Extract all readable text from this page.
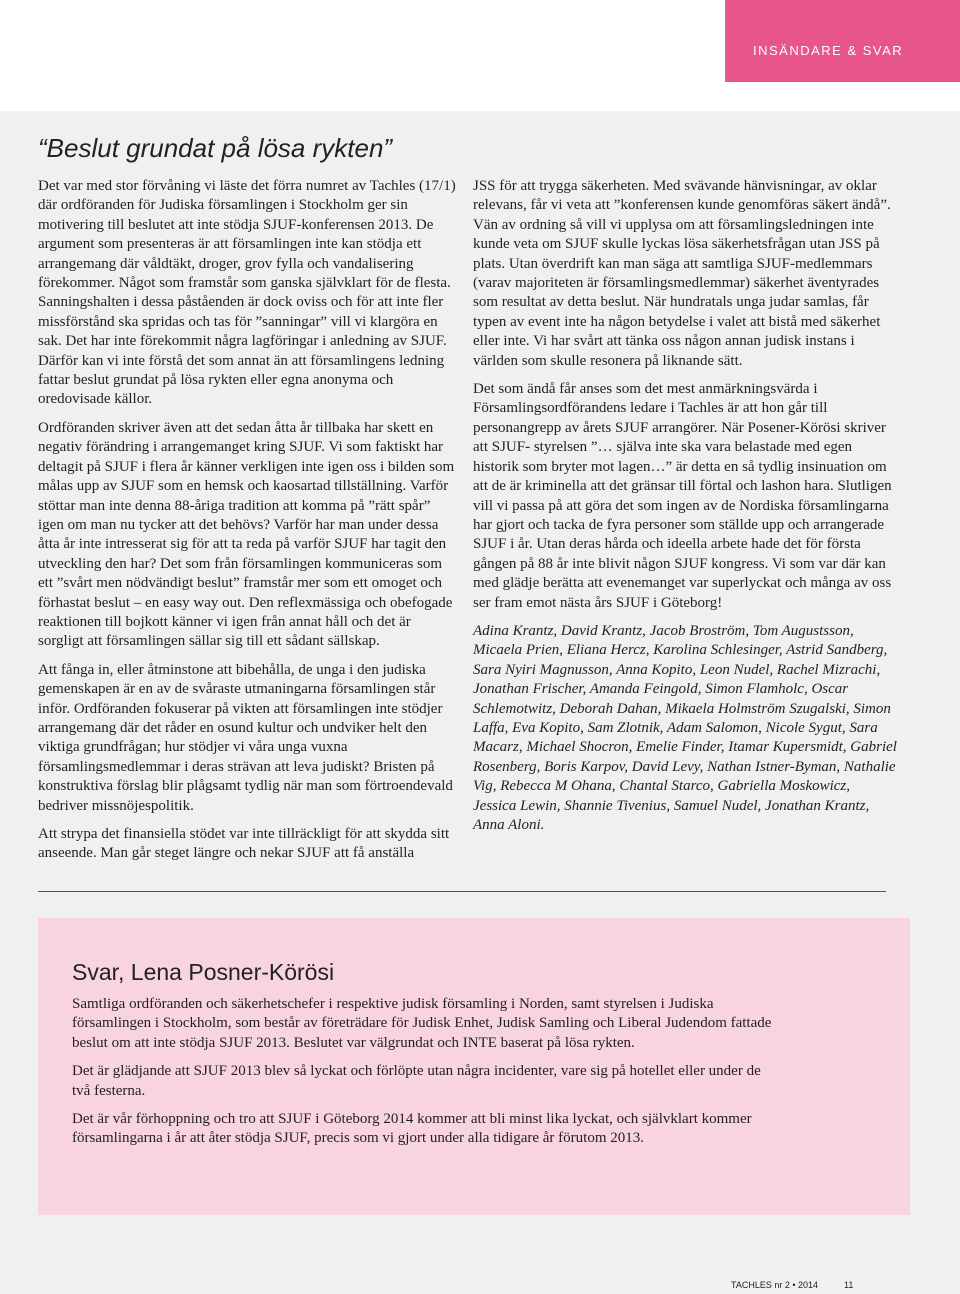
INSÄNDARE & SVAR
“Beslut grundat på lösa rykten”

Det var med stor förvåning vi läste det förra numret av Tachles (17/1) där ordföranden för Judiska församlingen i Stockholm ger sin motivering till beslutet att inte stödja SJUF-konferensen 2013. De argument som presenteras är att församlingen inte kan stödja ett arrangemang där våldtäkt, droger, grov fylla och vandalisering förekommer. Något som framstår som ganska självklart för de flesta. Sanningshalten i dessa påståenden är dock oviss och för att inte fler missförstånd ska spridas och tas för ”sanningar” vill vi klargöra en sak. Det har inte förekommit några lagföringar i anledning av SJUF. Därför kan vi inte förstå det som annat än att församlingens ledning fattar beslut grundat på lösa rykten eller egna anonyma och oredovisade källor.

Ordföranden skriver även att det sedan åtta år tillbaka har skett en negativ förändring i arrangemanget kring SJUF. Vi som faktiskt har deltagit på SJUF i flera år känner verkligen inte igen oss i bilden som målas upp av SJUF som en hemsk och kaosartad tillställning. Varför stöttar man inte denna 88-åriga tradition att komma på ”rätt spår” igen om man nu tycker att det behövs? Varför har man under dessa åtta år inte intresserat sig för att ta reda på varför SJUF har tagit den utveckling den har? Det som från församlingen kommuniceras som ett ”svårt men nödvändigt beslut” framstår mer som ett omoget och förhastat beslut – en easy way out. Den reflexmässiga och obefogade reaktionen till bojkott känner vi igen från annat håll och det är sorgligt att församlingen sällar sig till ett sådant sällskap.

Att fånga in, eller åtminstone att bibehålla, de unga i den judiska gemenskapen är en av de svåraste utmaningarna församlingen står inför. Ordföranden fokuserar på vikten att församlingen inte stödjer arrangemang där det råder en osund kultur och undviker helt den viktiga grundfrågan; hur stödjer vi våra unga vuxna församlingsmedlemmar i deras strävan att leva judiskt? Bristen på konstruktiva förslag blir plågsamt tydlig när man som förtroendevald bedriver missnöjespolitik.

Att strypa det finansiella stödet var inte tillräckligt för att skydda sitt anseende. Man går steget längre och nekar SJUF att få anställa

JSS för att trygga säkerheten. Med svävande hänvisningar, av oklar relevans, får vi veta att ”konferensen kunde genomföras säkert ändå”. Vän av ordning så vill vi upplysa om att församlingsledningen inte kunde veta om SJUF skulle lyckas lösa säkerhetsfrågan utan JSS på plats. Utan överdrift kan man säga att samtliga SJUF-medlemmars (varav majoriteten är församlingsmedlemmar) säkerhet äventyrades som resultat av detta beslut. När hundratals unga judar samlas, får typen av event inte ha någon betydelse i valet att bistå med säkerhet eller inte. Vi har svårt att tänka oss någon annan judisk instans i världen som skulle resonera på liknande sätt.

Det som ändå får anses som det mest anmärkningsvärda i Församlingsordförandens ledare i Tachles är att hon går till personangrepp av årets SJUF arrangörer. När Posener-Körösi skriver att SJUF- styrelsen ”… själva inte ska vara belastade med egen historik som bryter mot lagen…” är detta en så tydlig insinuation om att de är kriminella att det gränsar till förtal och lashon hara. Slutligen vill vi passa på att göra det som ingen av de Nordiska församlingarna har gjort och tacka de fyra personer som ställde upp och arrangerade SJUF i år. Utan deras hårda och ideella arbete hade det för första gången på 88 år inte blivit någon SJUF kongress. Vi som var där kan med glädje berätta att evenemanget var superlyckat och många av oss ser fram emot nästa års SJUF i Göteborg!

Adina Krantz, David Krantz, Jacob Broström, Tom Augustsson, Micaela Prien, Eliana Hercz, Karolina Schlesinger, Astrid Sandberg, Sara Nyiri Magnusson, Anna Kopito, Leon Nudel, Rachel Mizrachi, Jonathan Frischer, Amanda Feingold, Simon Flamholc, Oscar Schlemotwitz, Deborah Dahan, Mikaela Holmström Szugalski, Simon Laffa, Eva Kopito, Sam Zlotnik, Adam Salomon, Nicole Sygut, Sara Macarz, Michael Shocron, Emelie Finder, Itamar Kupersmidt, Gabriel Rosenberg, Boris Karpov, David Levy, Nathan Istner-Byman, Nathalie Vig, Rebecca M Ohana, Chantal Starco, Gabriella Moskowicz, Jessica Lewin, Shannie Tivenius, Samuel Nudel, Jonathan Krantz, Anna Aloni.

Svar, Lena Posner-Körösi

Samtliga ordföranden och säkerhetschefer i respektive judisk församling i Norden, samt styrelsen i Judiska församlingen i Stockholm, som består av företrädare för Judisk Enhet, Judisk Samling och Liberal Judendom fattade beslut om att inte stödja SJUF 2013. Beslutet var välgrundat och INTE baserat på lösa rykten.

Det är glädjande att SJUF 2013 blev så lyckat och förlöpte utan några incidenter, vare sig på hotellet eller under de två festerna.

Det är vår förhoppning och tro att SJUF i Göteborg 2014 kommer att bli minst lika lyckat, och självklart kommer församlingarna i år att åter stödja SJUF, precis som vi gjort under alla tidigare år förutom 2013.

TACHLES nr 2 • 2014	11
